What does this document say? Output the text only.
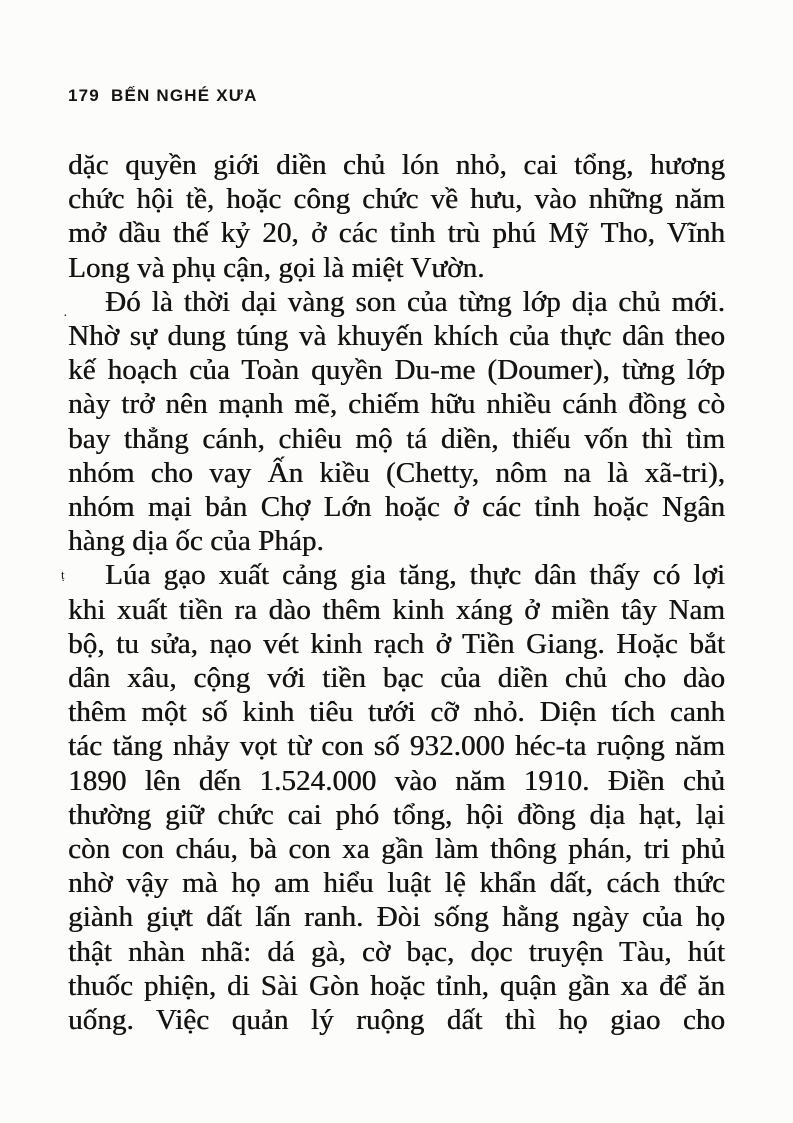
179 BẾN NGHÉ XƯA
dặc quyền giới diền chủ lón nhỏ, cai tổng, hương
chức hội tề, hoặc công chức về hưu, vào những năm
mở dầu thế kỷ 20, ở các tỉnh trù phú Mỹ Tho, Vĩnh
Long và phụ cận, gọi là miệt Vườn.
Đó là thời dại vàng son của từng lớp dịa chủ mới.
Nhờ sự dung túng và khuyến khích của thực dân theo
kế hoạch của Toàn quyền Du-me (Doumer), từng lớp
này trở nên mạnh mẽ, chiếm hữu nhiều cánh đồng cò
bay thẳng cánh, chiêu mộ tá diền, thiếu vốn thì tìm
nhóm cho vay Ấn kiều (Chetty, nôm na là xã-tri),
nhóm mại bản Chợ Lớn hoặc ở các tỉnh hoặc Ngân
hàng dịa ốc của Pháp.
Lúa gạo xuất cảng gia tăng, thực dân thấy có lợi
khi xuất tiền ra dào thêm kinh xáng ở miền tây Nam
bộ, tu sửa, nạo vét kinh rạch ở Tiền Giang. Hoặc bắt
dân xâu, cộng với tiền bạc của diền chủ cho dào
thêm một số kinh tiêu tưới cỡ nhỏ. Diện tích canh
tác tăng nhảy vọt từ con số 932.000 héc-ta ruộng năm
1890 lên dến 1.524.000 vào năm 1910. Điền chủ
thường giữ chức cai phó tổng, hội đồng dịa hạt, lại
còn con cháu, bà con xa gần làm thông phán, tri phủ
nhờ vậy mà họ am hiểu luật lệ khẩn dất, cách thức
giành giựt dất lấn ranh. Đòi sống hằng ngày của họ
thật nhàn nhã: dá gà, cờ bạc, dọc truyện Tàu, hút
thuốc phiện, di Sài Gòn hoặc tỉnh, quận gần xa để ăn
uống. Việc quản lý ruộng dất thì họ giao cho
·
ṭ
